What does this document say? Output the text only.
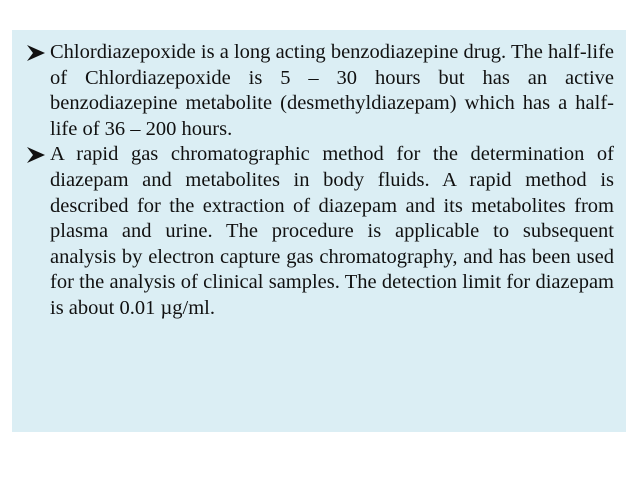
Chlordiazepoxide is a long acting benzodiazepine drug. The half-life of Chlordiazepoxide is 5 – 30 hours but has an active benzodiazepine metabolite (desmethyldiazepam) which has a half-life of 36 – 200 hours.

A rapid gas chromatographic method for the determination of diazepam and metabolites in body fluids. A rapid method is described for the extraction of diazepam and its metabolites from plasma and urine. The procedure is applicable to subsequent analysis by electron capture gas chromatography, and has been used for the analysis of clinical samples. The detection limit for diazepam is about 0.01 µg/ml.
